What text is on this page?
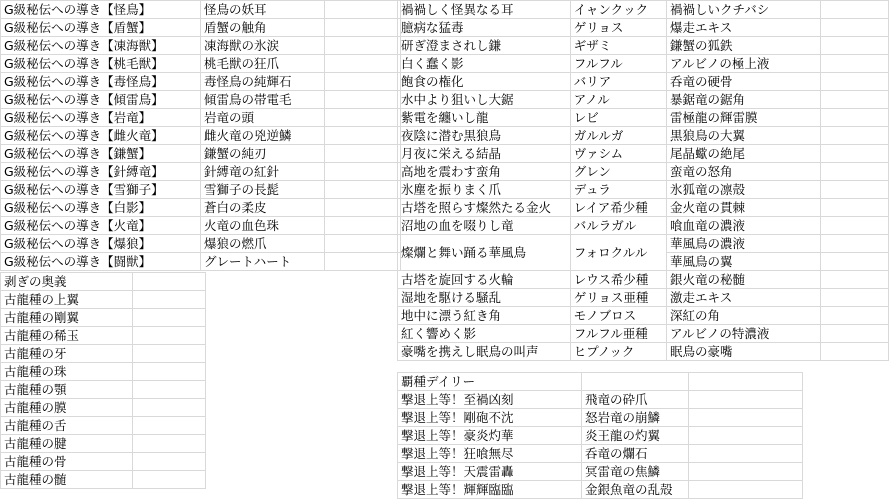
G級秘伝への導き【怪鳥】	怪鳥の妖耳	
G級秘伝への導き【盾蟹】	盾蟹の触角	
G級秘伝への導き【凍海獣】	凍海獣の氷涙	
G級秘伝への導き【桃毛獣】	桃毛獣の狂爪	
G級秘伝への導き【毒怪鳥】	毒怪鳥の純輝石	
G級秘伝への導き【傾雷鳥】	傾雷鳥の帯電毛	
G級秘伝への導き【岩竜】	岩竜の頭	
G級秘伝への導き【雌火竜】	雌火竜の兇逆鱗	
G級秘伝への導き【鎌蟹】	鎌蟹の純刃	
G級秘伝への導き【針縛竜】	針縛竜の紅針	
G級秘伝への導き【雪獅子】	雪獅子の長髭	
G級秘伝への導き【白影】	蒼白の柔皮	
G級秘伝への導き【火竜】	火竜の血色珠	
G級秘伝への導き【爆狼】	爆狼の燃爪	
G級秘伝への導き【闘獣】	グレートハート	
剥ぎの奥義	
古龍種の上翼	
古龍種の剛翼	
古龍種の稀玉	
古龍種の牙	
古龍種の珠	
古龍種の顎	
古龍種の膜	
古龍種の舌	
古龍種の腱	
古龍種の骨	
古龍種の髄	
禍禍しく怪異なる耳	イャンクック	禍禍しいクチバシ	
臆病な猛毒	ゲリョス	爆走エキス	
研ぎ澄まされし鎌	ギザミ	鎌蟹の狐鉄	
白く蠢く影	フルフル	アルビノの極上液	
飽食の権化	バリア	呑竜の硬骨	
水中より狙いし大鋸	アノル	暴鋸竜の鋸角	
紫電を纏いし龍	レビ	雷極龍の輝雷膜	
夜陰に潜む黒狼鳥	ガルルガ	黒狼鳥の大翼	
月夜に栄える結晶	ヴァシム	尾晶蠍の絶尾	
高地を震わす蛮角	グレン	蛮竜の怒角	
氷塵を振りまく爪	デュラ	氷狐竜の凛殻	
古塔を照らす燦然たる金火	レイア希少種	金火竜の貫棘	
沼地の血を啜りし竜	バルラガル	喰血竜の濃液	
燦爛と舞い踊る華風鳥	フォロクルル	華風鳥の濃液	
		華風鳥の翼	
古塔を旋回する火輪	レウス希少種	銀火竜の秘髄	
湿地を駆ける騒乱	ゲリョス亜種	激走エキス	
地中に漂う紅き角	モノブロス	深紅の角	
紅く響めく影	フルフル亜種	アルビノの特濃液	
豪嘴を携えし眠鳥の叫声	ヒプノック	眠鳥の豪嘴	
覇種デイリー		
撃退上等！至禍凶刻	飛竜の砕爪	
撃退上等！剛砲不沈	怒岩竜の崩鱗	
撃退上等！豪炎灼華	炎王龍の灼翼	
撃退上等！狂喰無尽	呑竜の爛石	
撃退上等！天震雷轟	冥雷竜の焦鱗	
撃退上等！輝輝臨臨	金銀魚竜の乱殻	
